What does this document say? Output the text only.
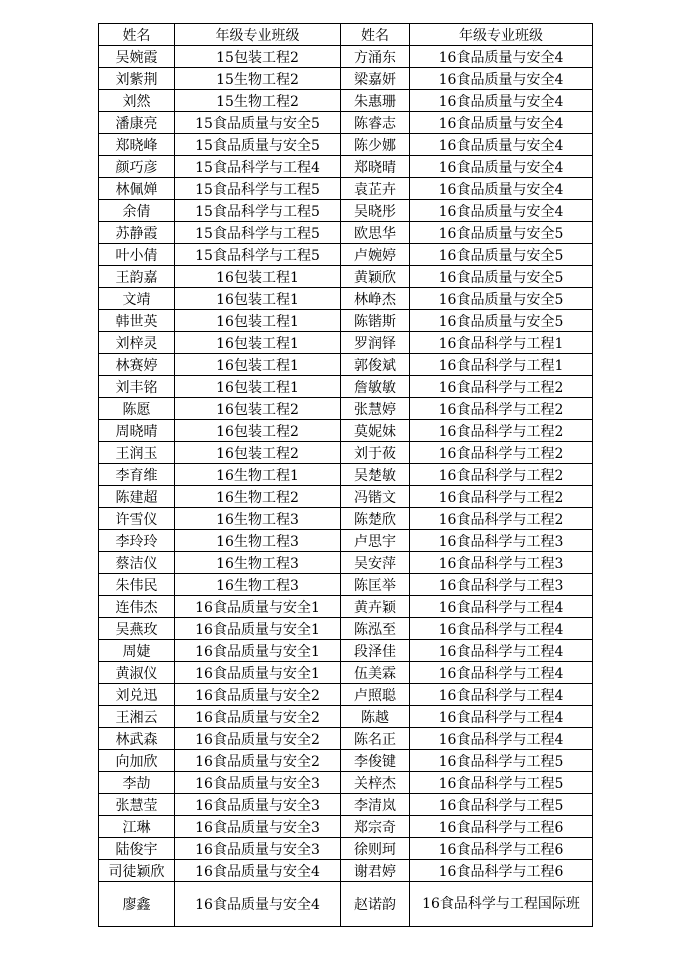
姓名	年级专业班级	姓名	年级专业班级
吴婉霞	15包装工程2	方涌东	16食品质量与安全4
刘紫荆	15生物工程2	梁嘉妍	16食品质量与安全4
刘然	15生物工程2	朱惠珊	16食品质量与安全4
潘康亮	15食品质量与安全5	陈睿志	16食品质量与安全4
郑晓峰	15食品质量与安全5	陈少娜	16食品质量与安全4
颜巧彦	15食品科学与工程4	郑晓晴	16食品质量与安全4
林佩婵	15食品科学与工程5	袁芷卉	16食品质量与安全4
余倩	15食品科学与工程5	吴晓彤	16食品质量与安全4
苏静霞	15食品科学与工程5	欧思华	16食品质量与安全5
叶小倩	15食品科学与工程5	卢婉婷	16食品质量与安全5
王韵嘉	16包装工程1	黄颖欣	16食品质量与安全5
文靖	16包装工程1	林峥杰	16食品质量与安全5
韩世英	16包装工程1	陈锴斯	16食品质量与安全5
刘梓灵	16包装工程1	罗润铎	16食品科学与工程1
林赛婷	16包装工程1	郭俊斌	16食品科学与工程1
刘丰铭	16包装工程1	詹敏敏	16食品科学与工程2
陈愿	16包装工程2	张慧婷	16食品科学与工程2
周晓晴	16包装工程2	莫妮妹	16食品科学与工程2
王润玉	16包装工程2	刘于莜	16食品科学与工程2
李育维	16生物工程1	吴楚敏	16食品科学与工程2
陈建超	16生物工程2	冯锴文	16食品科学与工程2
许雪仪	16生物工程3	陈楚欣	16食品科学与工程2
李玲玲	16生物工程3	卢思宇	16食品科学与工程3
蔡洁仪	16生物工程3	吴安萍	16食品科学与工程3
朱伟民	16生物工程3	陈匡举	16食品科学与工程3
连伟杰	16食品质量与安全1	黄卉颖	16食品科学与工程4
吴燕玫	16食品质量与安全1	陈泓至	16食品科学与工程4
周婕	16食品质量与安全1	段泽佳	16食品科学与工程4
黄淑仪	16食品质量与安全1	伍美霖	16食品科学与工程4
刘兑迅	16食品质量与安全2	卢照聪	16食品科学与工程4
王湘云	16食品质量与安全2	陈越	16食品科学与工程4
林武森	16食品质量与安全2	陈名正	16食品科学与工程4
向加欣	16食品质量与安全2	李俊键	16食品科学与工程5
李劼	16食品质量与安全3	关梓杰	16食品科学与工程5
张慧莹	16食品质量与安全3	李清岚	16食品科学与工程5
江琳	16食品质量与安全3	郑宗奇	16食品科学与工程6
陆俊宇	16食品质量与安全3	徐则珂	16食品科学与工程6
司徒颖欣	16食品质量与安全4	谢君婷	16食品科学与工程6
廖鑫	16食品质量与安全4	赵诺韵	16食品科学与工程国际班
